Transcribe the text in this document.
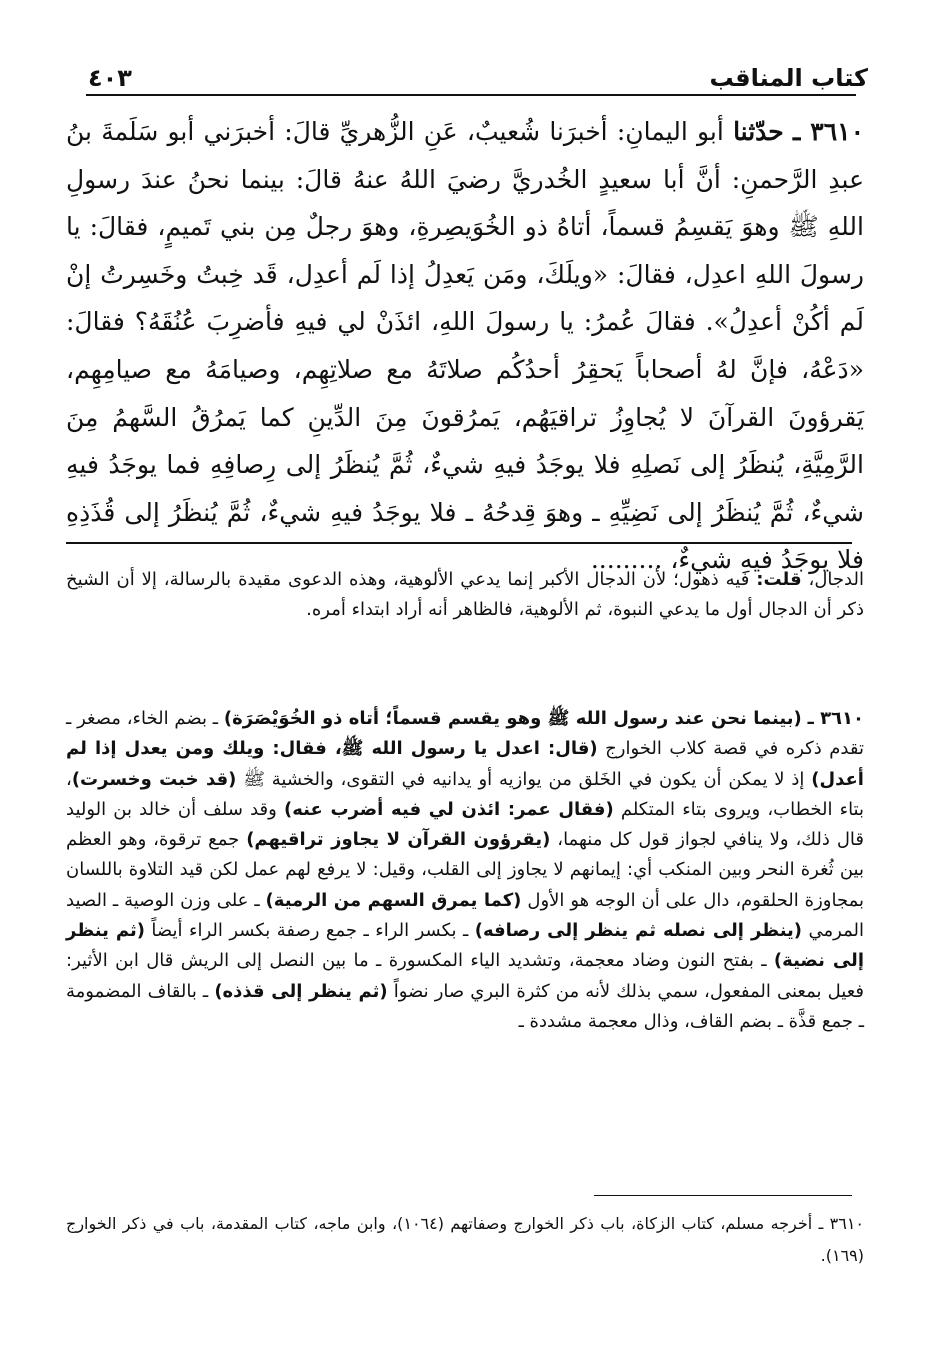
كتاب المناقب
٤٠٣
٣٦١٠ ـ حدّثنا أبو اليمانِ: أخبرَنا شُعيبٌ، عَنِ الزُّهريِّ قالَ: أخبرَني أبو سَلَمةَ بنُ عبدِ الرَّحمنِ: أنَّ أبا سعيدٍ الخُدريَّ رضيَ اللهُ عنهُ قالَ: بينما نحنُ عندَ رسولِ اللهِ ﷺ وهوَ يَقسِمُ قسماً، أتاهُ ذو الخُوَيصِرةِ، وهوَ رجلٌ مِن بني تَميمٍ، فقالَ: يا رسولَ اللهِ اعدِل، فقالَ: «ويلَكَ، ومَن يَعدِلُ إذا لَم أعدِل، قَد خِبتُ وخَسِرتُ إنْ لَم أكُنْ أعدِلُ». فقالَ عُمرُ: يا رسولَ اللهِ، ائذَنْ لي فيهِ فأضرِبَ عُنُقَهُ؟ فقالَ: «دَعْهُ، فإنَّ لهُ أصحاباً يَحقِرُ أحدُكُم صلاتَهُ مع صلاتِهِم، وصيامَهُ مع صيامِهِم، يَقرؤونَ القرآنَ لا يُجاوِزُ تراقيَهُم، يَمرُقونَ مِنَ الدِّينِ كما يَمرُقُ السَّهمُ مِنَ الرَّمِيَّةِ، يُنظَرُ إلى نَصلِهِ فلا يوجَدُ فيهِ شيءٌ، ثُمَّ يُنظَرُ إلى رِصافِهِ فما يوجَدُ فيهِ شيءٌ، ثُمَّ يُنظَرُ إلى نَضِيِّهِ ـ وهوَ قِدحُهُ ـ فلا يوجَدُ فيهِ شيءٌ، ثُمَّ يُنظَرُ إلى قُذَذِهِ فلا يوجَدُ فيهِ شيءٌ، .........
الدجال، قلت: فيه ذهول؛ لأن الدجال الأكبر إنما يدعي الألوهية، وهذه الدعوى مقيدة بالرسالة، إلا أن الشيخ ذكر أن الدجال أول ما يدعي النبوة، ثم الألوهية، فالظاهر أنه أراد ابتداء أمره.
٣٦١٠ ـ (بينما نحن عند رسول الله ﷺ وهو يقسم قسماً؛ أتاه ذو الخُوَيْصَرَة) ـ بضم الخاء، مصغر ـ تقدم ذكره في قصة كلاب الخوارج (قال: اعدل يا رسول الله ﷺ، فقال: ويلك ومن يعدل إذا لم أعدل) إذ لا يمكن أن يكون في الخَلق من يوازيه أو يدانيه في التقوى، والخشية ﷺ (قد خبت وخسرت)، بتاء الخطاب، ويروى بتاء المتكلم (فقال عمر: ائذن لي فيه أضرب عنه) وقد سلف أن خالد بن الوليد قال ذلك، ولا ينافي لجواز قول كل منهما، (يقرؤون القرآن لا يجاوز تراقيهم) جمع ترقوة، وهو العظم بين ثُغرة النحر وبين المنكب أي: إيمانهم لا يجاوز إلى القلب، وقيل: لا يرفع لهم عمل لكن قيد التلاوة باللسان بمجاوزة الحلقوم، دال على أن الوجه هو الأول (كما يمرق السهم من الرمية) ـ على وزن الوصية ـ الصيد المرمي (ينظر إلى نصله ثم ينظر إلى رصافه) ـ بكسر الراء ـ جمع رصفة بكسر الراء أيضاً (ثم ينظر إلى نضية) ـ بفتح النون وضاد معجمة، وتشديد الياء المكسورة ـ ما بين النصل إلى الريش قال ابن الأثير: فعيل بمعنى المفعول، سمي بذلك لأنه من كثرة البري صار نضواً (ثم ينظر إلى قذذه) ـ بالقاف المضمومة ـ جمع قذَّة ـ بضم القاف، وذال معجمة مشددة ـ
٣٦١٠ ـ أخرجه مسلم، كتاب الزكاة، باب ذكر الخوارج وصفاتهم (١٠٦٤)، وابن ماجه، كتاب المقدمة، باب في ذكر الخوارج (١٦٩).
